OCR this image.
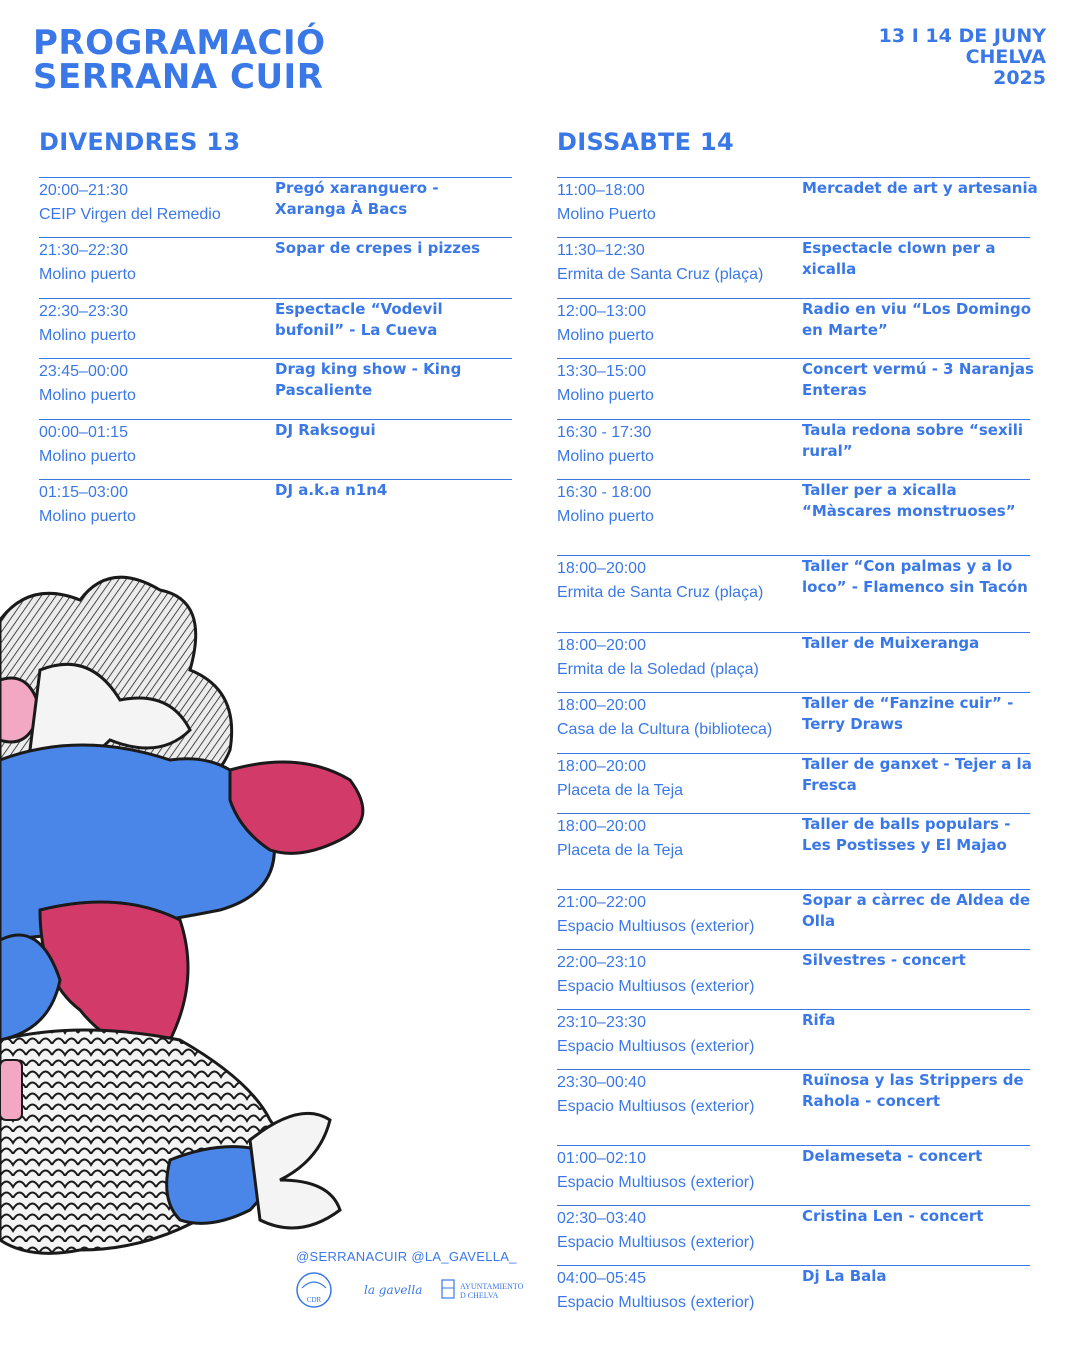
PROGRAMACIÓ
SERRANA CUIR
13 I 14 DE JUNY
CHELVA
2025
DIVENDRES 13	DISSABTE 14
20:00–21:30
CEIP Virgen del Remedio
Pregó xaranguero - Xaranga À Bacs
21:30–22:30
Molino puerto
Sopar de crepes i pizzes
22:30–23:30
Molino puerto
Espectacle “Vodevil bufonil” - La Cueva
23:45–00:00
Molino puerto
Drag king show - King Pascaliente
00:00–01:15
Molino puerto
DJ Raksogui
01:15–03:00
Molino puerto
DJ a.k.a n1n4
11:00–18:00
Molino Puerto
Mercadet de art y artesania
11:30–12:30
Ermita de Santa Cruz (plaça)
Espectacle clown per a xicalla
12:00–13:00
Molino puerto
Radio en viu “Los Domingo en Marte”
13:30–15:00
Molino puerto
Concert vermú - 3 Naranjas Enteras
16:30 - 17:30
Molino puerto
Taula redona sobre “sexili rural”
16:30 - 18:00
Molino puerto
Taller per a xicalla “Màscares monstruoses”
18:00–20:00
Ermita de Santa Cruz (plaça)
Taller “Con palmas y a lo loco” - Flamenco sin Tacón
18:00–20:00
Ermita de la Soledad (plaça)
Taller de Muixeranga
18:00–20:00
Casa de la Cultura (biblioteca)
Taller de “Fanzine cuir” - Terry Draws
18:00–20:00
Placeta de la Teja
Taller de ganxet - Tejer a la Fresca
18:00–20:00
Placeta de la Teja
Taller de balls populars - Les Postisses y El Majao
21:00–22:00
Espacio Multiusos (exterior)
Sopar a càrrec de Aldea de Olla
22:00–23:10
Espacio Multiusos (exterior)
Silvestres - concert
23:10–23:30
Espacio Multiusos (exterior)
Rifa
23:30–00:40
Espacio Multiusos (exterior)
Ruïnosa y las Strippers de Rahola - concert
01:00–02:10
Espacio Multiusos (exterior)
Delameseta - concert
02:30–03:40
Espacio Multiusos (exterior)
Cristina Len - concert
04:00–05:45
Espacio Multiusos (exterior)
Dj La Bala
@SERRANACUIR @LA_GAVELLA_
CDR
la gavella	AYUNTAMIENTO
D CHELVA
